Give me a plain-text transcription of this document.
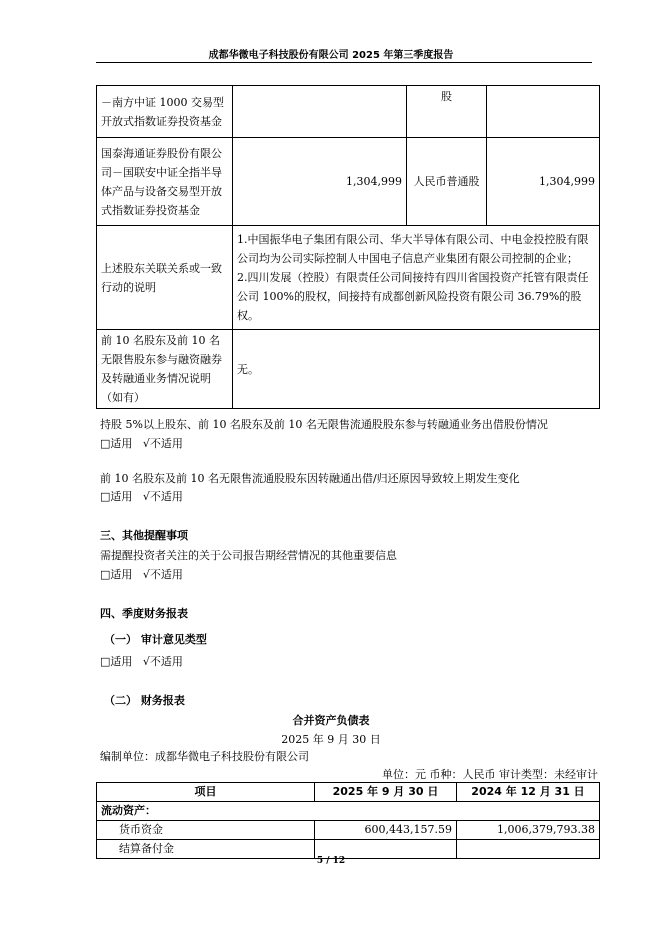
成都华微电子科技股份有限公司 2025 年第三季度报告
－南方中证 1000 交易型开放式指数证券投资基金		股	
国泰海通证券股份有限公司－国联安中证全指半导体产品与设备交易型开放式指数证券投资基金	1,304,999	人民币普通股	1,304,999
上述股东关联关系或一致行动的说明	1.中国振华电子集团有限公司、华大半导体有限公司、中电金投控股有限公司均为公司实际控制人中国电子信息产业集团有限公司控制的企业；
2.四川发展（控股）有限责任公司间接持有四川省国投资产托管有限责任公司 100%的股权，间接持有成都创新风险投资有限公司 36.79%的股权。		

前 10 名股东及前 10 名无限售股东参与融资融券及转融通业务情况说明（如有）	无。		
持股 5%以上股东、前 10 名股东及前 10 名无限售流通股股东参与转融通业务出借股份情况
□适用 √不适用
前 10 名股东及前 10 名无限售流通股股东因转融通出借/归还原因导致较上期发生变化
□适用 √不适用
三、其他提醒事项
需提醒投资者关注的关于公司报告期经营情况的其他重要信息
□适用 √不适用
四、季度财务报表
（一） 审计意见类型
□适用 √不适用
（二） 财务报表
合并资产负债表
2025 年 9 月 30 日
编制单位：成都华微电子科技股份有限公司
单位：元 币种：人民币 审计类型：未经审计
项目	2025 年 9 月 30 日	2024 年 12 月 31 日
流动资产：		
货币资金	600,443,157.59	1,006,379,793.38
结算备付金		
5 / 12
